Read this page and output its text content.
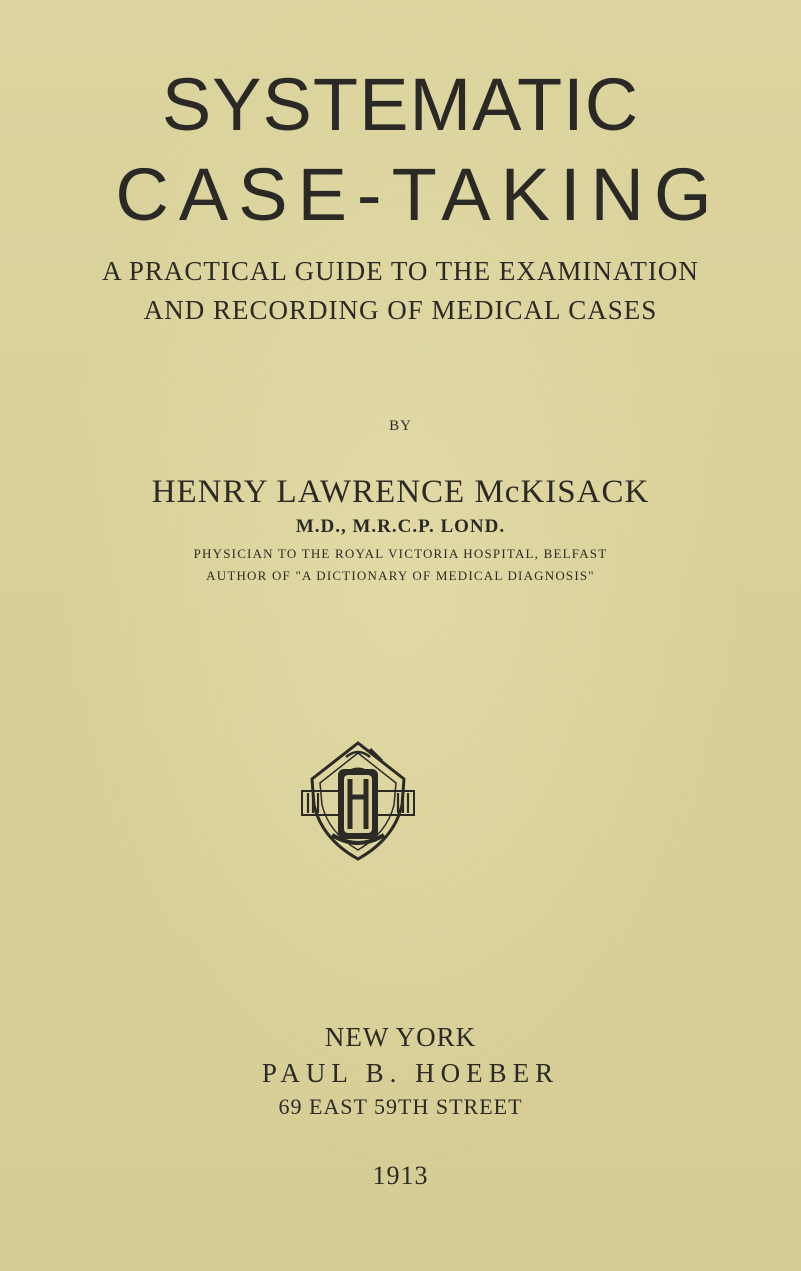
SYSTEMATIC
CASE-TAKING
A PRACTICAL GUIDE TO THE EXAMINATION
AND RECORDING OF MEDICAL CASES
BY
HENRY LAWRENCE McKISACK
M.D., M.R.C.P. LOND.
PHYSICIAN TO THE ROYAL VICTORIA HOSPITAL, BELFAST
AUTHOR OF "A DICTIONARY OF MEDICAL DIAGNOSIS"
NEW YORK
PAUL B. HOEBER
69 EAST 59TH STREET
1913
